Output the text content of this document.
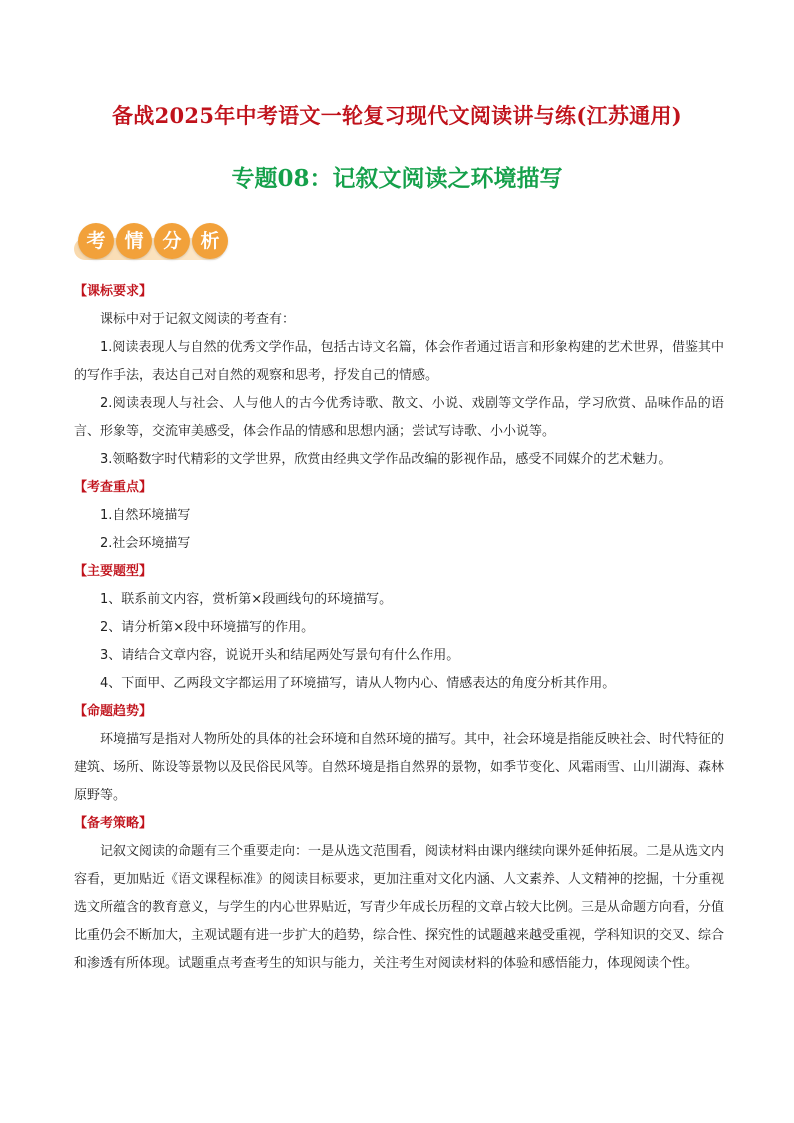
备战2025年中考语文一轮复习现代文阅读讲与练(江苏通用)
专题08：记叙文阅读之环境描写
考 情 分 析

【课标要求】

课标中对于记叙文阅读的考查有：

1.阅读表现人与自然的优秀文学作品，包括古诗文名篇，体会作者通过语言和形象构建的艺术世界，借鉴其中的写作手法，表达自己对自然的观察和思考，抒发自己的情感。

2.阅读表现人与社会、人与他人的古今优秀诗歌、散文、小说、戏剧等文学作品，学习欣赏、品味作品的语言、形象等，交流审美感受，体会作品的情感和思想内涵；尝试写诗歌、小小说等。

3.领略数字时代精彩的文学世界，欣赏由经典文学作品改编的影视作品，感受不同媒介的艺术魅力。

【考查重点】

1.自然环境描写

2.社会环境描写

【主要题型】

1、联系前文内容，赏析第×段画线句的环境描写。

2、请分析第×段中环境描写的作用。

3、请结合文章内容，说说开头和结尾两处写景句有什么作用。

4、下面甲、乙两段文字都运用了环境描写，请从人物内心、情感表达的角度分析其作用。

【命题趋势】

环境描写是指对人物所处的具体的社会环境和自然环境的描写。其中，社会环境是指能反映社会、时代特征的建筑、场所、陈设等景物以及民俗民风等。自然环境是指自然界的景物，如季节变化、风霜雨雪、山川湖海、森林原野等。

【备考策略】

记叙文阅读的命题有三个重要走向：一是从选文范围看，阅读材料由课内继续向课外延伸拓展。二是从选文内容看，更加贴近《语文课程标准》的阅读目标要求，更加注重对文化内涵、人文素养、人文精神的挖掘，十分重视选文所蕴含的教育意义，与学生的内心世界贴近，写青少年成长历程的文章占较大比例。三是从命题方向看，分值比重仍会不断加大，主观试题有进一步扩大的趋势，综合性、探究性的试题越来越受重视，学科知识的交叉、综合和渗透有所体现。试题重点考查考生的知识与能力，关注考生对阅读材料的体验和感悟能力，体现阅读个性。
